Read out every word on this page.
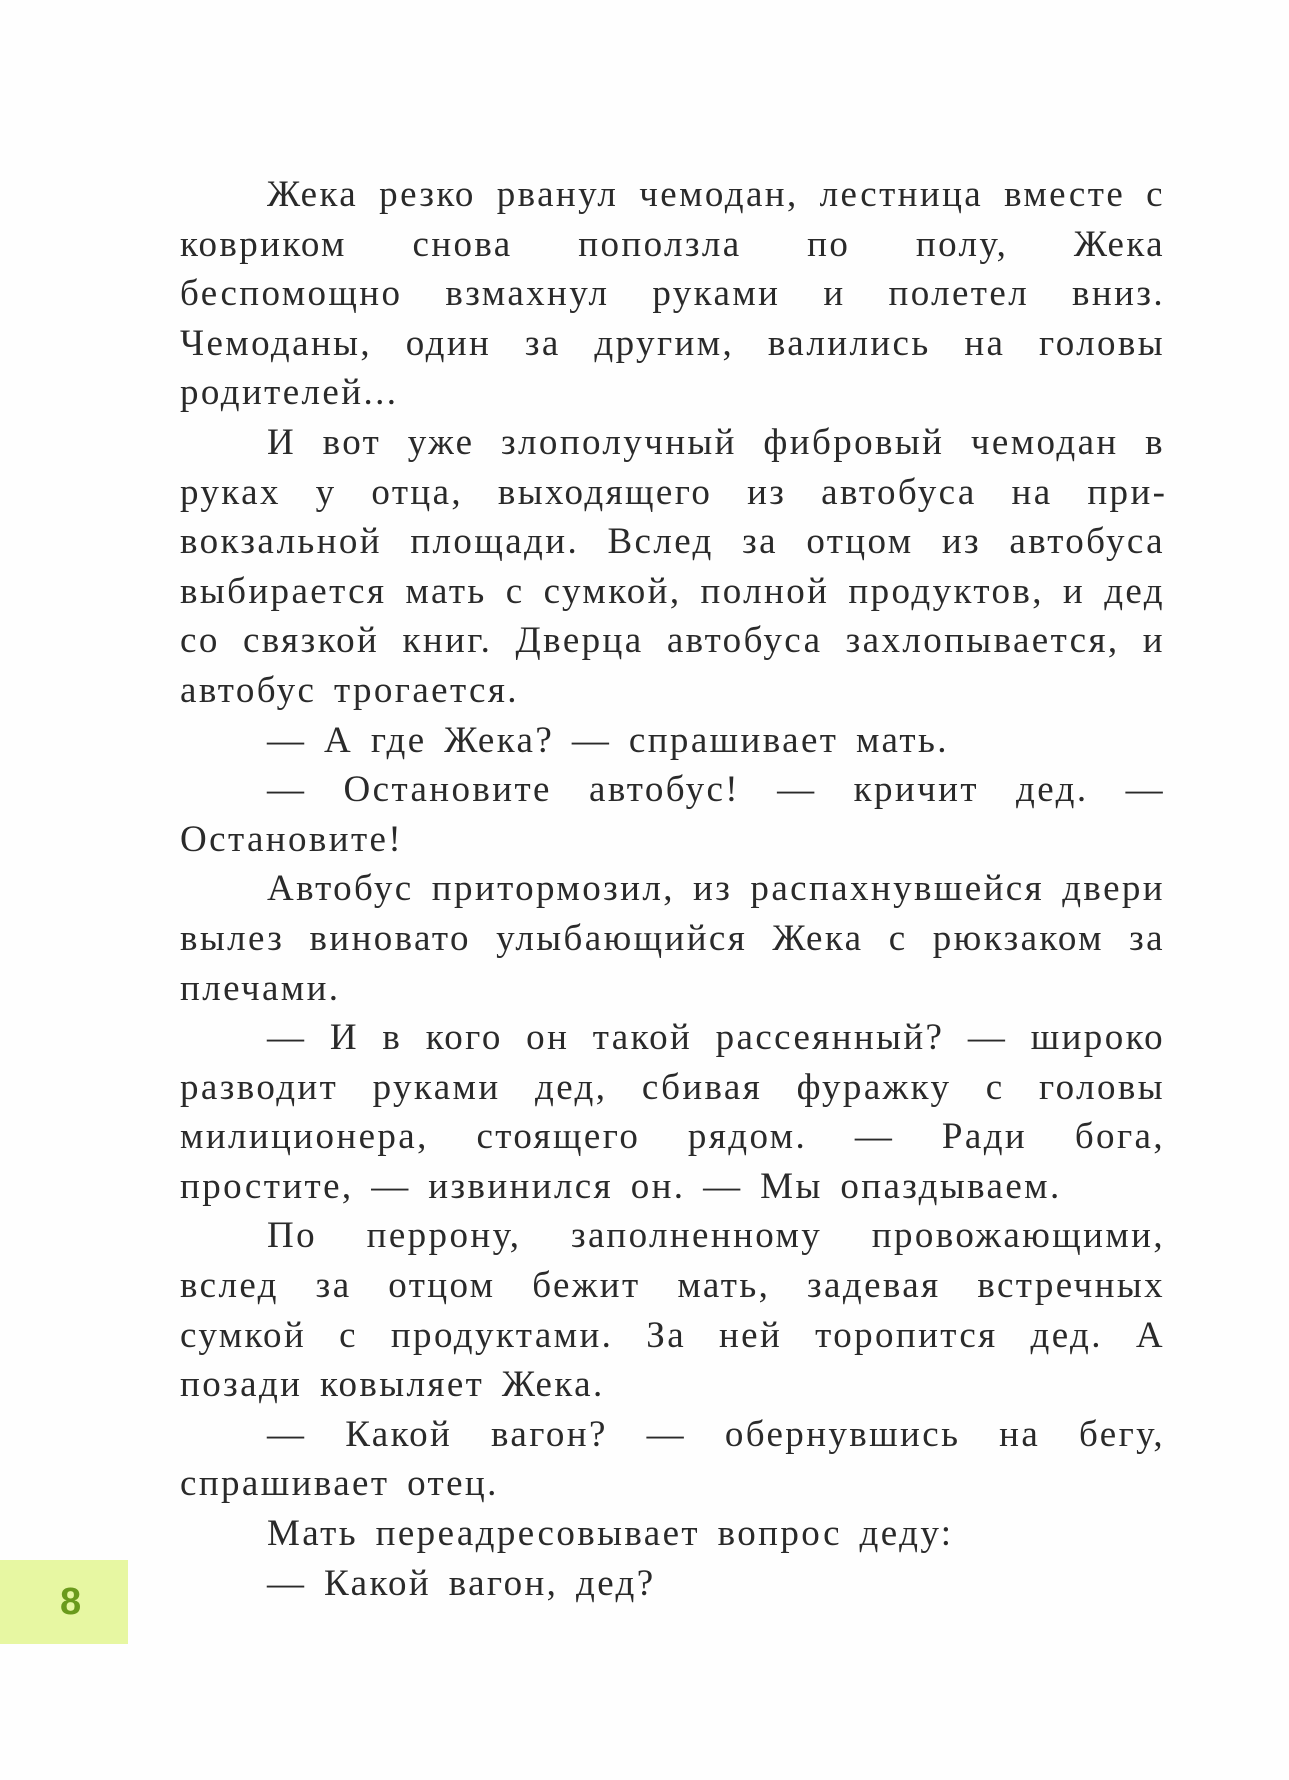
Жека резко рванул чемодан, лестница вместе с ковриком снова поползла по полу, Жека беспомощно взмахнул руками и полетел вниз. Чемоданы, один за другим, валились на головы родителей...

И вот уже злополучный фибровый чемодан в руках у отца, выходящего из автобуса на привокзальной площади. Вслед за отцом из автобуса выбирается мать с сумкой, полной продуктов, и дед со связкой книг. Дверца автобуса захлопывается, и автобус трогается.

— А где Жека? — спрашивает мать.

— Остановите автобус! — кричит дед. — Остановите!

Автобус притормозил, из распахнувшейся двери вылез виновато улыбающийся Жека с рюкзаком за плечами.

— И в кого он такой рассеянный? — широко разводит руками дед, сбивая фуражку с головы милиционера, стоящего рядом. — Ради бога, простите, — извинился он. — Мы опаздываем.

По перрону, заполненному провожающими, вслед за отцом бежит мать, задевая встречных сумкой с продуктами. За ней торопится дед. А позади ковыляет Жека.

— Какой вагон? — обернувшись на бегу, спрашивает отец.

Мать переадресовывает вопрос деду:

— Какой вагон, дед?

8
